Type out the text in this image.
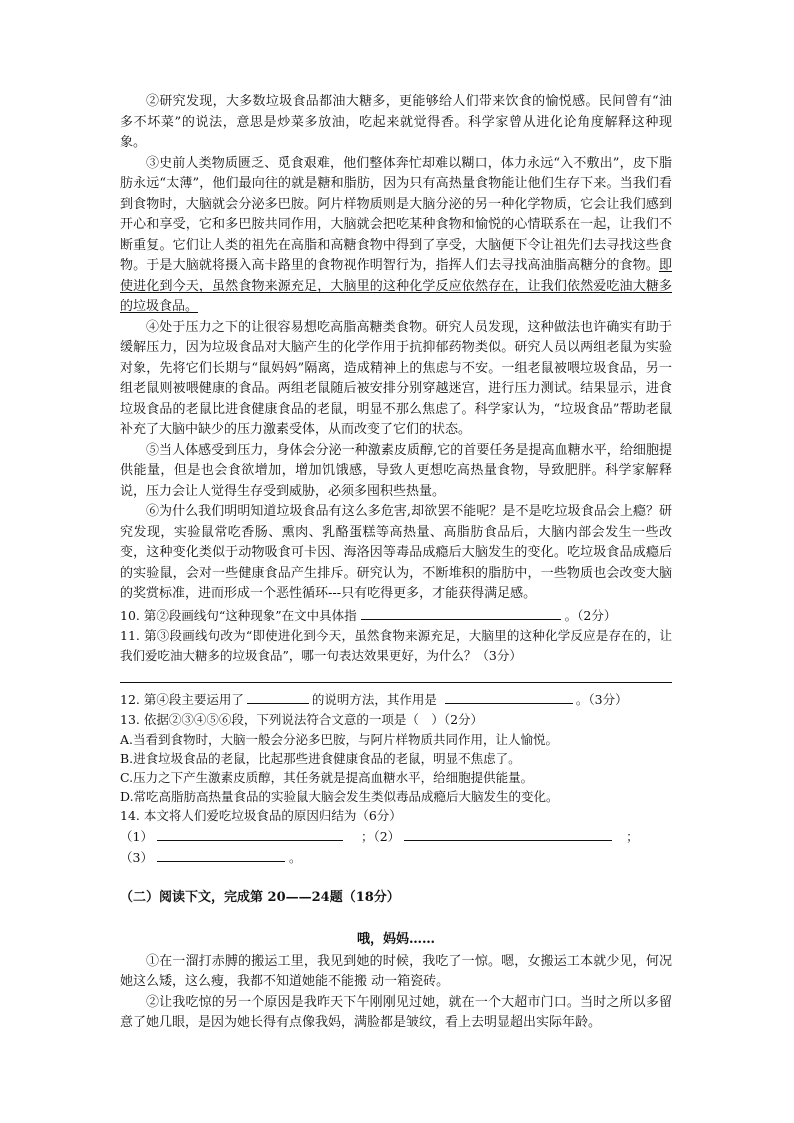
②研究发现，大多数垃圾食品都油大糖多，更能够给人们带来饮食的愉悦感。民间曾有“油多不坏菜”的说法，意思是炒菜多放油，吃起来就觉得香。科学家曾从进化论角度解释这种现象。

③史前人类物质匮乏、觅食艰难，他们整体奔忙却难以糊口，体力永远“入不敷出”，皮下脂肪永远“太薄”，他们最向往的就是糖和脂肪，因为只有高热量食物能让他们生存下来。当我们看到食物时，大脑就会分泌多巴胺。阿片样物质则是大脑分泌的另一种化学物质，它会让我们感到开心和享受，它和多巴胺共同作用，大脑就会把吃某种食物和愉悦的心情联系在一起，让我们不断重复。它们让人类的祖先在高脂和高糖食物中得到了享受，大脑便下令让祖先们去寻找这些食物。于是大脑就将摄入高卡路里的食物视作明智行为，指挥人们去寻找高油脂高糖分的食物。即使进化到今天，虽然食物来源充足，大脑里的这种化学反应依然存在，让我们依然爱吃油大糖多的垃圾食品。

④处于压力之下的让很容易想吃高脂高糖类食物。研究人员发现，这种做法也许确实有助于缓解压力，因为垃圾食品对大脑产生的化学作用于抗抑郁药物类似。研究人员以两组老鼠为实验对象，先将它们长期与“鼠妈妈”隔离，造成精神上的焦虑与不安。一组老鼠被喂垃圾食品，另一组老鼠则被喂健康的食品。两组老鼠随后被安排分别穿越迷宫，进行压力测试。结果显示，进食垃圾食品的老鼠比进食健康食品的老鼠，明显不那么焦虑了。科学家认为，“垃圾食品”帮助老鼠补充了大脑中缺少的压力激素受体，从而改变了它们的状态。

⑤当人体感受到压力，身体会分泌一种激素皮质醇,它的首要任务是提高血糖水平，给细胞提供能量，但是也会食欲增加，增加饥饿感，导致人更想吃高热量食物，导致肥胖。科学家解释说，压力会让人觉得生存受到威胁，必须多囤积些热量。

⑥为什么我们明明知道垃圾食品有这么多危害,却欲罢不能呢？是不是吃垃圾食品会上瘾？研究发现，实验鼠常吃香肠、熏肉、乳酪蛋糕等高热量、高脂肪食品后，大脑内部会发生一些改变，这种变化类似于动物吸食可卡因、海洛因等毒品成瘾后大脑发生的变化。吃垃圾食品成瘾后的实验鼠，会对一些健康食品产生排斥。研究认为，不断堆积的脂肪中，一些物质也会改变大脑的奖赏标准，进而形成一个恶性循环---只有吃得更多，才能获得满足感。

10. 第②段画线句“这种现象”在文中具体指	。（2分）

11. 第③段画线句改为“即使进化到今天，虽然食物来源充足，大脑里的这种化学反应是存在的，让我们爱吃油大糖多的垃圾食品”，哪一句表达效果更好，为什么？（3分）

12. 第④段主要运用了	的说明方法，其作用是	。（3分）

13. 依据②③④⑤⑥段，下列说法符合文意的一项是（　）（2分）

A.当看到食物时，大脑一般会分泌多巴胺，与阿片样物质共同作用，让人愉悦。

B.进食垃圾食品的老鼠，比起那些进食健康食品的老鼠，明显不焦虑了。

C.压力之下产生激素皮质醇，其任务就是提高血糖水平，给细胞提供能量。

D.常吃高脂肪高热量食品的实验鼠大脑会发生类似毒品成瘾后大脑发生的变化。

14. 本文将人们爱吃垃圾食品的原因归结为（6分）

（1）	；（2）	；

（3）	。

（二）阅读下文，完成第 20——24题（18分）

哦，妈妈……

①在一溜打赤膊的搬运工里，我见到她的时候，我吃了一惊。嗯，女搬运工本就少见，何况她这么矮，这么瘦，我都不知道她能不能搬 动一箱瓷砖。

②让我吃惊的另一个原因是我昨天下午刚刚见过她，就在一个大超市门口。当时之所以多留意了她几眼，是因为她长得有点像我妈，满脸都是皱纹，看上去明显超出实际年龄。
